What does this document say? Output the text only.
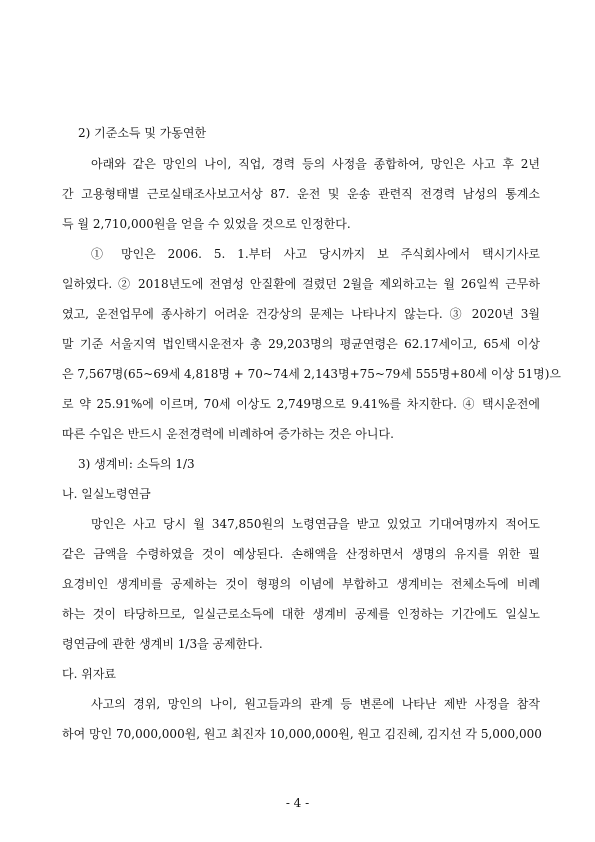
2) 기준소득 및 가동연한

아래와 같은 망인의 나이, 직업, 경력 등의 사정을 종합하여, 망인은 사고 후 2년

간 고용형태별 근로실태조사보고서상 87. 운전 및 운송 관련직 전경력 남성의 통계소

득 월 2,710,000원을 얻을 수 있었을 것으로 인정한다.

① 망인은 2006. 5. 1.부터 사고 당시까지 보 주식회사에서 택시기사로

일하였다. ② 2018년도에 전염성 안질환에 걸렸던 2월을 제외하고는 월 26일씩 근무하

였고, 운전업무에 종사하기 어려운 건강상의 문제는 나타나지 않는다. ③ 2020년 3월

말 기준 서울지역 법인택시운전자 총 29,203명의 평균연령은 62.17세이고, 65세 이상

은 7,567명(65~69세 4,818명 + 70~74세 2,143명+75~79세 555명+80세 이상 51명)으

로 약 25.91%에 이르며, 70세 이상도 2,749명으로 9.41%를 차지한다. ④ 택시운전에

따른 수입은 반드시 운전경력에 비례하여 증가하는 것은 아니다.

3) 생계비: 소득의 1/3

나. 일실노령연금

망인은 사고 당시 월 347,850원의 노령연금을 받고 있었고 기대여명까지 적어도

같은 금액을 수령하였을 것이 예상된다. 손해액을 산정하면서 생명의 유지를 위한 필

요경비인 생계비를 공제하는 것이 형평의 이념에 부합하고 생계비는 전체소득에 비례

하는 것이 타당하므로, 일실근로소득에 대한 생계비 공제를 인정하는 기간에도 일실노

령연금에 관한 생계비 1/3을 공제한다.

다. 위자료

사고의 경위, 망인의 나이, 원고들과의 관계 등 변론에 나타난 제반 사정을 참작

하여 망인 70,000,000원, 원고 최진자 10,000,000원, 원고 김진혜, 김지선 각 5,000,000

- 4 -
